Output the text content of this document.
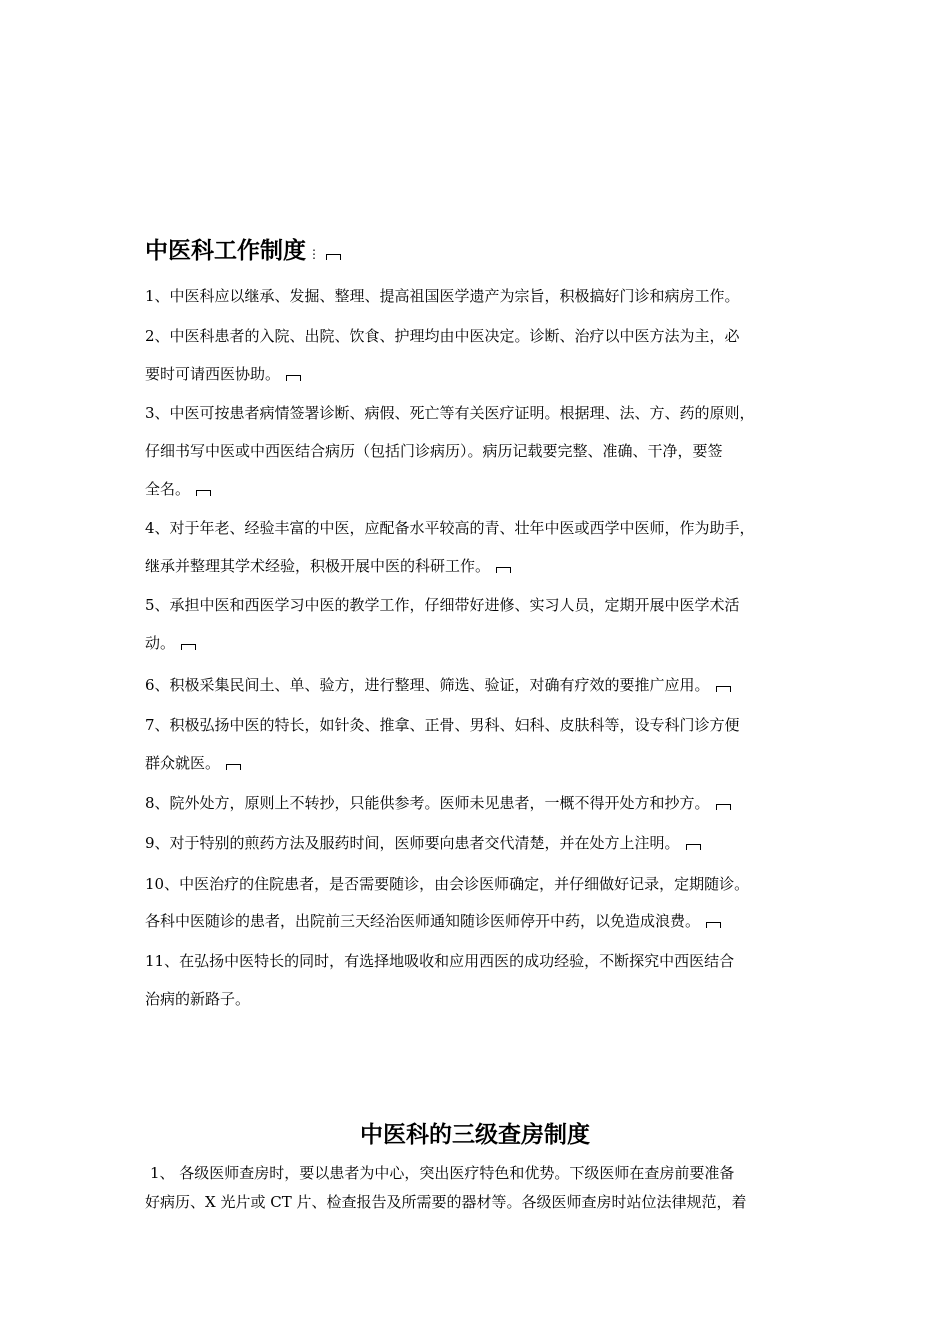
中医科工作制度 ⋮
1、中医科应以继承、发掘、整理、提高祖国医学遗产为宗旨，积极搞好门诊和病房工作。
2、中医科患者的入院、出院、饮食、护理均由中医决定。诊断、治疗以中医方法为主，必
要时可请西医协助。
3、中医可按患者病情签署诊断、病假、死亡等有关医疗证明。根据理、法、方、药的原则，
仔细书写中医或中西医结合病历（包括门诊病历）。病历记载要完整、准确、干净，要签
全名。
4、对于年老、经验丰富的中医，应配备水平较高的青、壮年中医或西学中医师，作为助手，
继承并整理其学术经验，积极开展中医的科研工作。
5、承担中医和西医学习中医的教学工作，仔细带好进修、实习人员，定期开展中医学术活
动。
6、积极采集民间土、单、验方，进行整理、筛选、验证，对确有疗效的要推广应用。
7、积极弘扬中医的特长，如针灸、推拿、正骨、男科、妇科、皮肤科等，设专科门诊方便
群众就医。
8、院外处方，原则上不转抄，只能供参考。医师未见患者，一概不得开处方和抄方。
9、对于特别的煎药方法及服药时间，医师要向患者交代清楚，并在处方上注明。
10、中医治疗的住院患者，是否需要随诊，由会诊医师确定，并仔细做好记录，定期随诊。
各科中医随诊的患者，出院前三天经治医师通知随诊医师停开中药，以免造成浪费。
11、在弘扬中医特长的同时，有选择地吸收和应用西医的成功经验，不断探究中西医结合
治病的新路子。
中医科的三级查房制度
1、 各级医师查房时，要以患者为中心，突出医疗特色和优势。下级医师在查房前要准备
好病历、X 光片或 CT 片、检查报告及所需要的器材等。各级医师查房时站位法律规范，着
